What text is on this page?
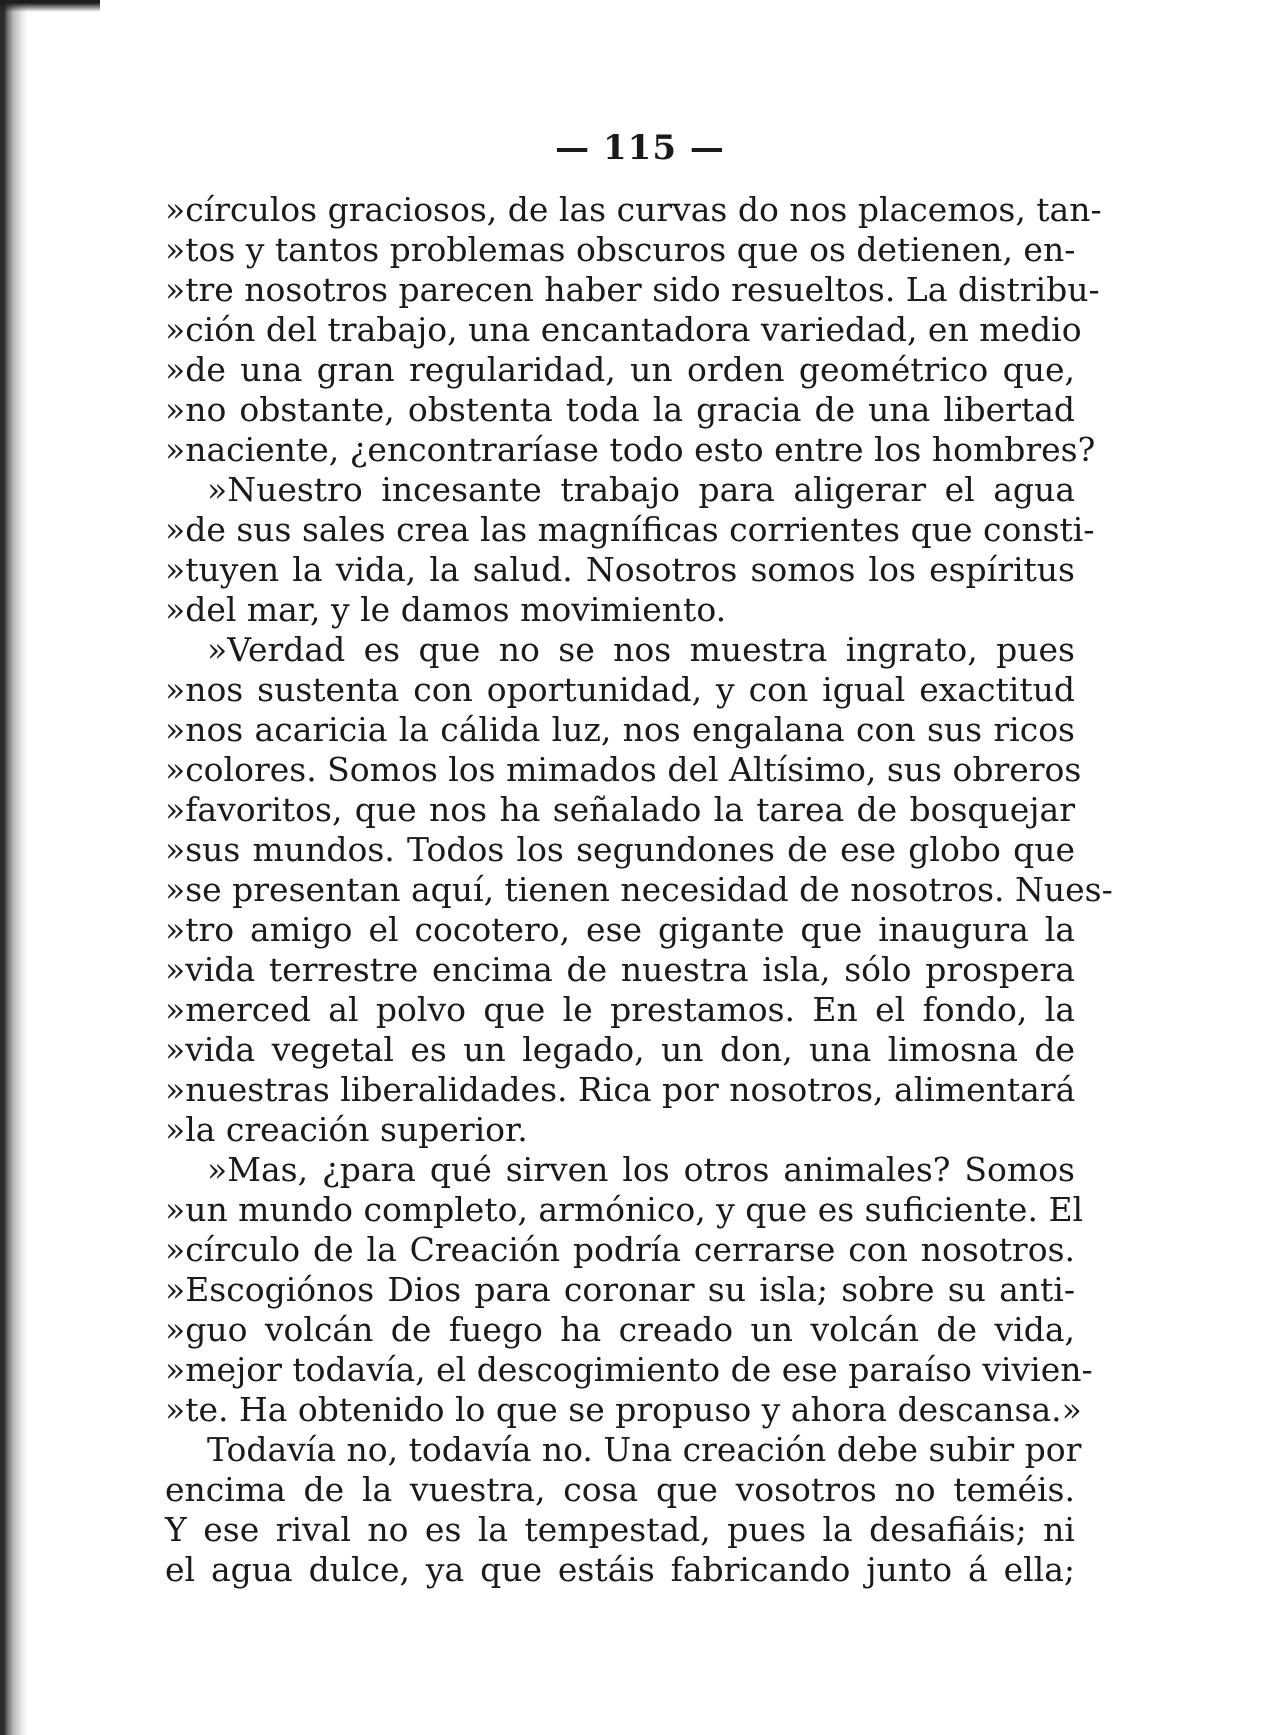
— 115 —
»círculos graciosos, de las curvas do nos placemos, tan-
»tos y tantos problemas obscuros que os detienen, en-
»tre nosotros parecen haber sido resueltos. La distribu-
»ción del trabajo, una encantadora variedad, en medio
»de una gran regularidad, un orden geométrico que,
»no obstante, obstenta toda la gracia de una libertad
»naciente, ¿encontraríase todo esto entre los hombres?
»Nuestro incesante trabajo para aligerar el agua
»de sus sales crea las magníficas corrientes que consti-
»tuyen la vida, la salud. Nosotros somos los espíritus
»del mar, y le damos movimiento.
»Verdad es que no se nos muestra ingrato, pues
»nos sustenta con oportunidad, y con igual exactitud
»nos acaricia la cálida luz, nos engalana con sus ricos
»colores. Somos los mimados del Altísimo, sus obreros
»favoritos, que nos ha señalado la tarea de bosquejar
»sus mundos. Todos los segundones de ese globo que
»se presentan aquí, tienen necesidad de nosotros. Nues-
»tro amigo el cocotero, ese gigante que inaugura la
»vida terrestre encima de nuestra isla, sólo prospera
»merced al polvo que le prestamos. En el fondo, la
»vida vegetal es un legado, un don, una limosna de
»nuestras liberalidades. Rica por nosotros, alimentará
»la creación superior.
»Mas, ¿para qué sirven los otros animales? Somos
»un mundo completo, armónico, y que es suficiente. El
»círculo de la Creación podría cerrarse con nosotros.
»Escogiónos Dios para coronar su isla; sobre su anti-
»guo volcán de fuego ha creado un volcán de vida,
»mejor todavía, el descogimiento de ese paraíso vivien-
»te. Ha obtenido lo que se propuso y ahora descansa.»
Todavía no, todavía no. Una creación debe subir por
encima de la vuestra, cosa que vosotros no teméis.
Y ese rival no es la tempestad, pues la desafiáis; ni
el agua dulce, ya que estáis fabricando junto á ella;
